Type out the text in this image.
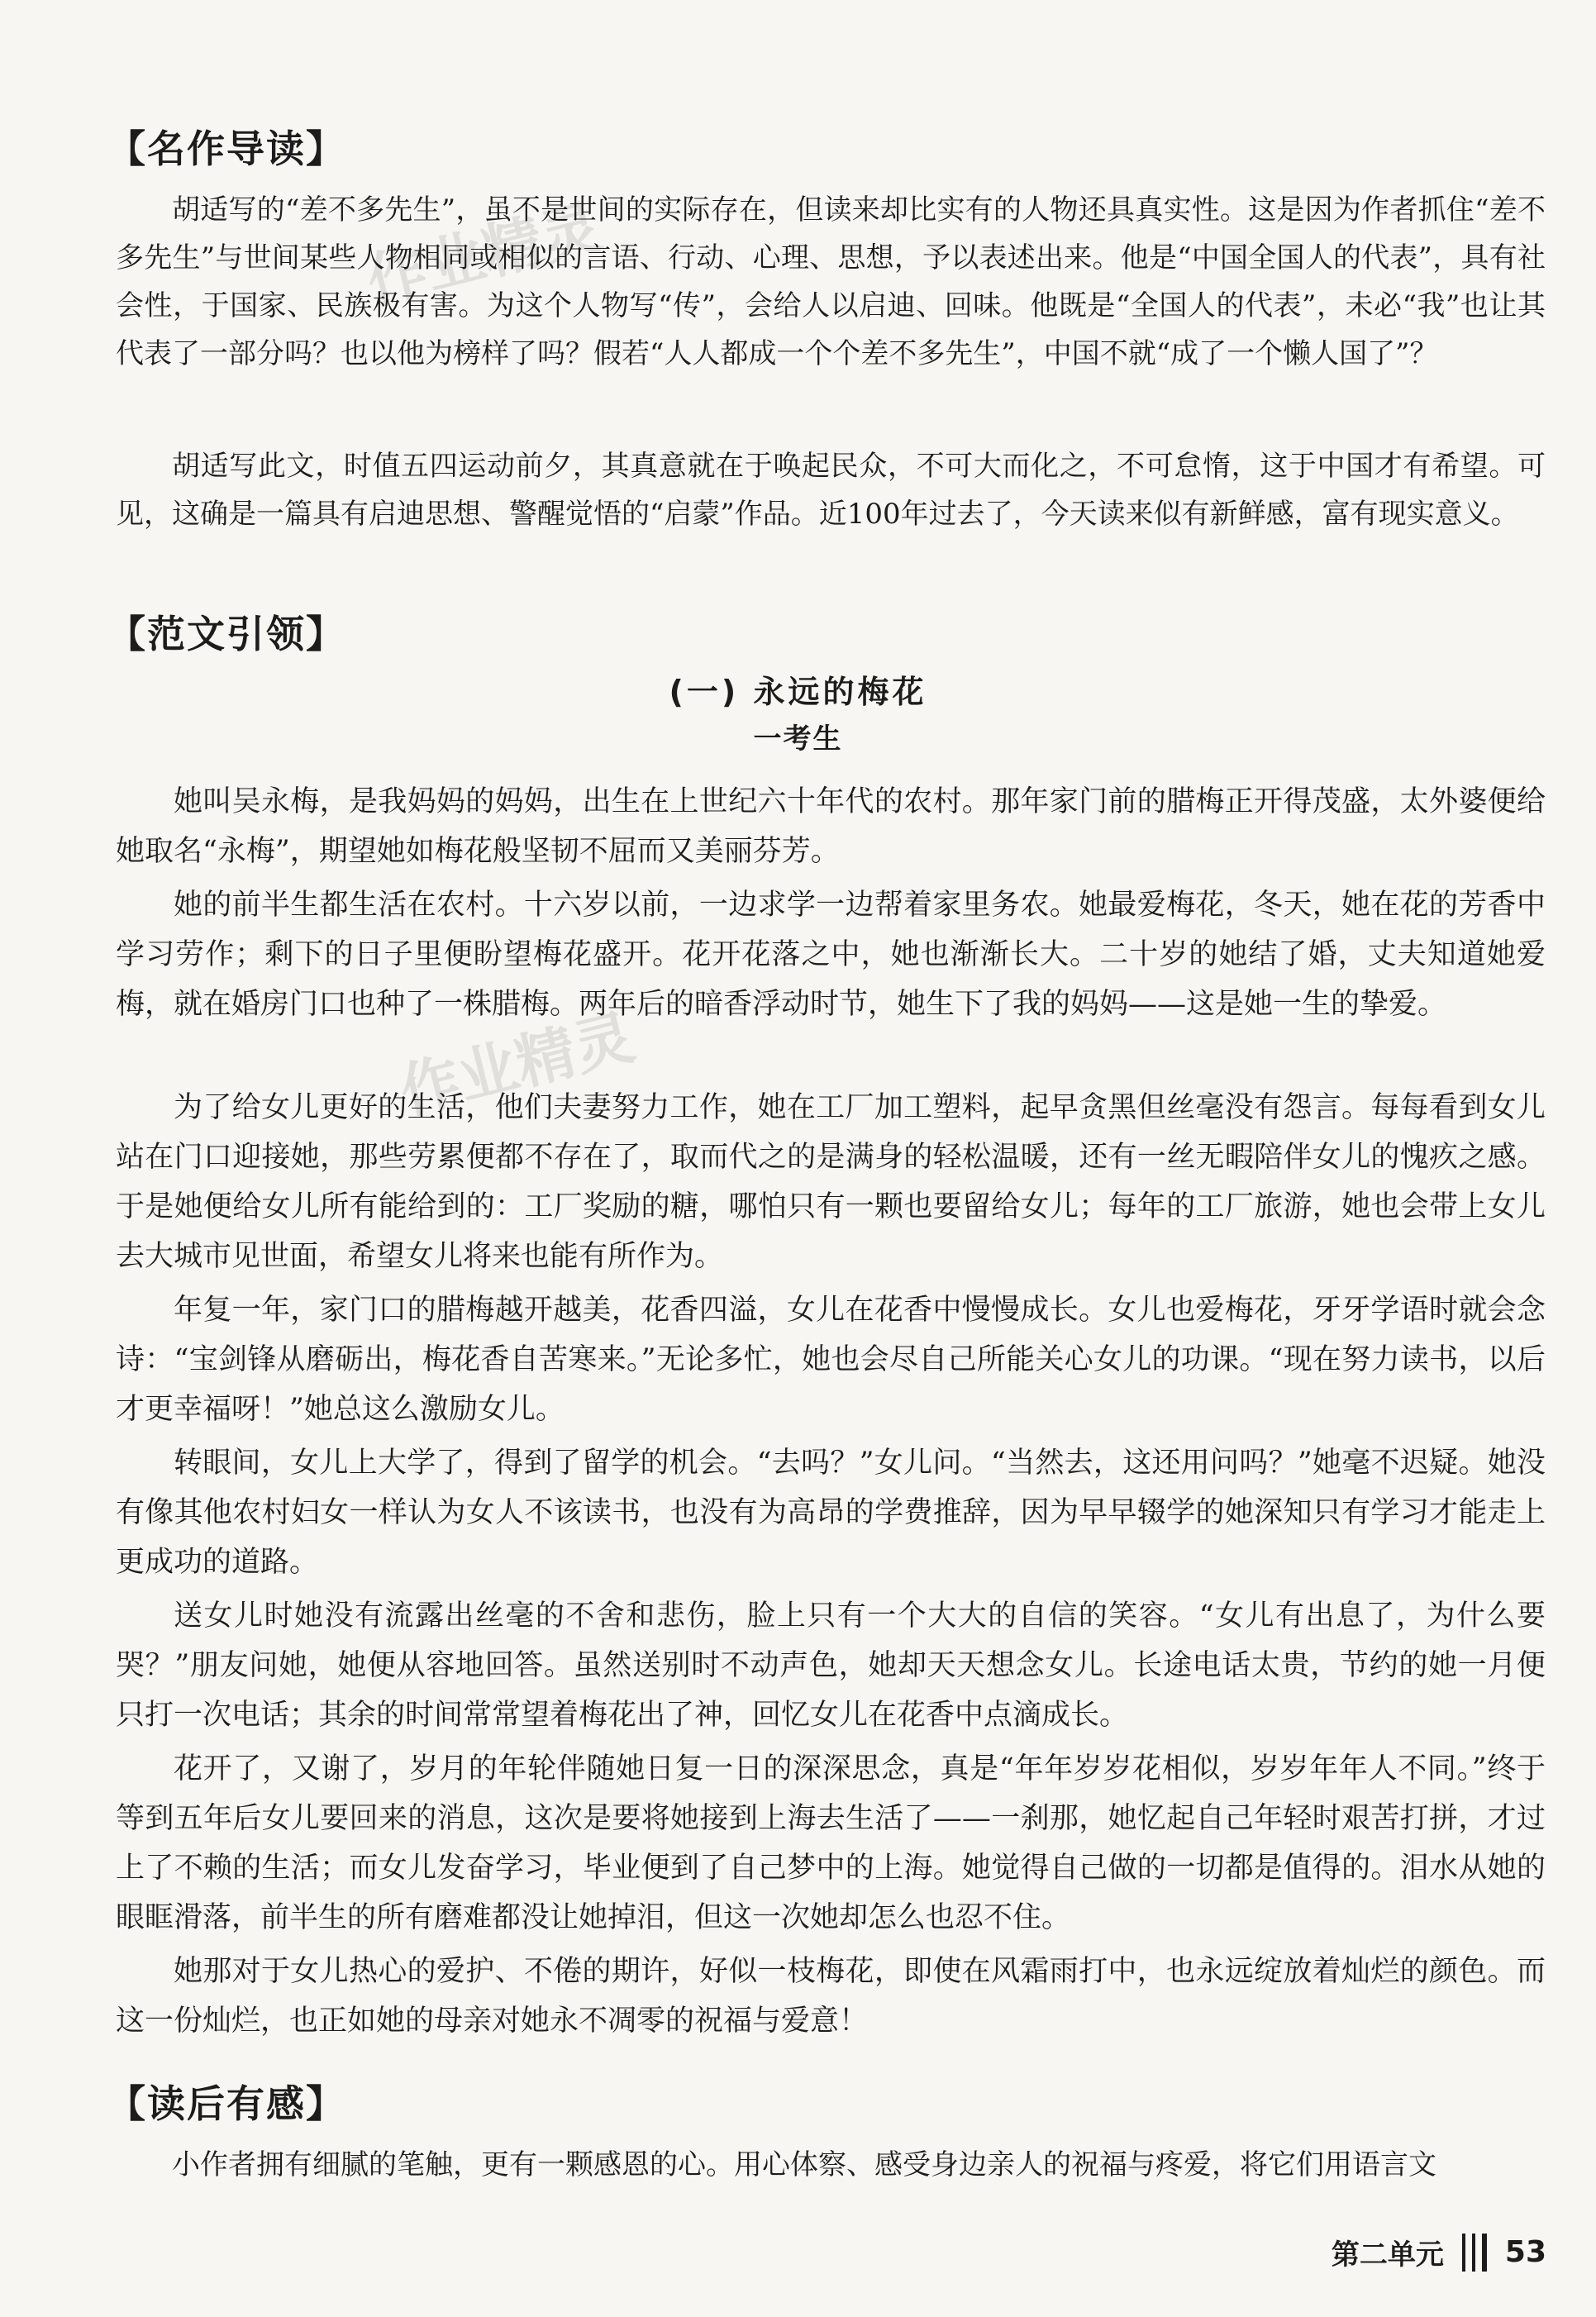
作业精灵
作业精灵
【名作导读】

胡适写的“差不多先生”，虽不是世间的实际存在，但读来却比实有的人物还具真实性。这是因为作者抓住“差不多先生”与世间某些人物相同或相似的言语、行动、心理、思想，予以表述出来。他是“中国全国人的代表”，具有社会性，于国家、民族极有害。为这个人物写“传”，会给人以启迪、回味。他既是“全国人的代表”，未必“我”也让其代表了一部分吗？也以他为榜样了吗？假若“人人都成一个个差不多先生”，中国不就“成了一个懒人国了”？

胡适写此文，时值五四运动前夕，其真意就在于唤起民众，不可大而化之，不可怠惰，这于中国才有希望。可见，这确是一篇具有启迪思想、警醒觉悟的“启蒙”作品。近100年过去了，今天读来似有新鲜感，富有现实意义。

【范文引领】
(一) 永远的梅花
一考生

她叫吴永梅，是我妈妈的妈妈，出生在上世纪六十年代的农村。那年家门前的腊梅正开得茂盛，太外婆便给她取名“永梅”，期望她如梅花般坚韧不屈而又美丽芬芳。

她的前半生都生活在农村。十六岁以前，一边求学一边帮着家里务农。她最爱梅花，冬天，她在花的芳香中学习劳作；剩下的日子里便盼望梅花盛开。花开花落之中，她也渐渐长大。二十岁的她结了婚，丈夫知道她爱梅，就在婚房门口也种了一株腊梅。两年后的暗香浮动时节，她生下了我的妈妈——这是她一生的挚爱。

为了给女儿更好的生活，他们夫妻努力工作，她在工厂加工塑料，起早贪黑但丝毫没有怨言。每每看到女儿站在门口迎接她，那些劳累便都不存在了，取而代之的是满身的轻松温暖，还有一丝无暇陪伴女儿的愧疚之感。于是她便给女儿所有能给到的：工厂奖励的糖，哪怕只有一颗也要留给女儿；每年的工厂旅游，她也会带上女儿去大城市见世面，希望女儿将来也能有所作为。

年复一年，家门口的腊梅越开越美，花香四溢，女儿在花香中慢慢成长。女儿也爱梅花，牙牙学语时就会念诗：“宝剑锋从磨砺出，梅花香自苦寒来。”无论多忙，她也会尽自己所能关心女儿的功课。“现在努力读书，以后才更幸福呀！”她总这么激励女儿。

转眼间，女儿上大学了，得到了留学的机会。“去吗？”女儿问。“当然去，这还用问吗？”她毫不迟疑。她没有像其他农村妇女一样认为女人不该读书，也没有为高昂的学费推辞，因为早早辍学的她深知只有学习才能走上更成功的道路。

送女儿时她没有流露出丝毫的不舍和悲伤，脸上只有一个大大的自信的笑容。“女儿有出息了，为什么要哭？”朋友问她，她便从容地回答。虽然送别时不动声色，她却天天想念女儿。长途电话太贵，节约的她一月便只打一次电话；其余的时间常常望着梅花出了神，回忆女儿在花香中点滴成长。

花开了，又谢了，岁月的年轮伴随她日复一日的深深思念，真是“年年岁岁花相似，岁岁年年人不同。”终于等到五年后女儿要回来的消息，这次是要将她接到上海去生活了——一刹那，她忆起自己年轻时艰苦打拼，才过上了不赖的生活；而女儿发奋学习，毕业便到了自己梦中的上海。她觉得自己做的一切都是值得的。泪水从她的眼眶滑落，前半生的所有磨难都没让她掉泪，但这一次她却怎么也忍不住。

她那对于女儿热心的爱护、不倦的期许，好似一枝梅花，即使在风霜雨打中，也永远绽放着灿烂的颜色。而这一份灿烂，也正如她的母亲对她永不凋零的祝福与爱意！

【读后有感】

小作者拥有细腻的笔触，更有一颗感恩的心。用心体察、感受身边亲人的祝福与疼爱，将它们用语言文

第二单元 53
